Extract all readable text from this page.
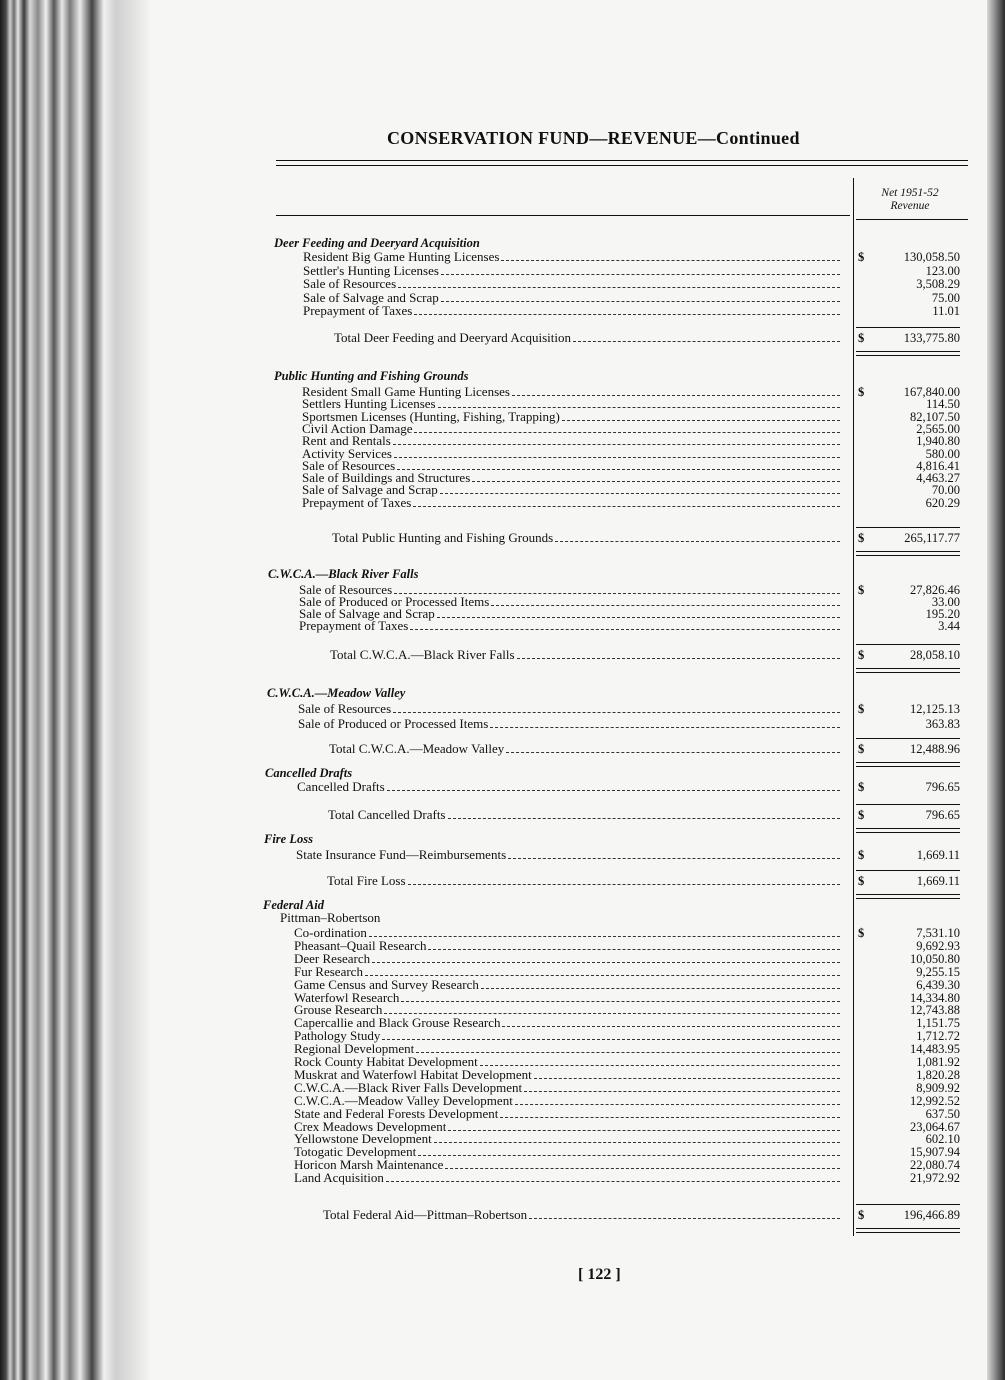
CONSERVATION FUND—REVENUE—Continued
Net 1951-52
Revenue
Deer Feeding and Deeryard Acquisition
Resident Big Game Hunting Licenses	130,058.50
$
Settler's Hunting Licenses	123.00
Sale of Resources	3,508.29
Sale of Salvage and Scrap	75.00
Prepayment of Taxes	11.01
Total Deer Feeding and Deeryard Acquisition	133,775.80
$
Public Hunting and Fishing Grounds
Resident Small Game Hunting Licenses	167,840.00
$
Settlers Hunting Licenses	114.50
Sportsmen Licenses (Hunting, Fishing, Trapping)	82,107.50
Civil Action Damage	2,565.00
Rent and Rentals	1,940.80
Activity Services	580.00
Sale of Resources	4,816.41
Sale of Buildings and Structures	4,463.27
Sale of Salvage and Scrap	70.00
Prepayment of Taxes	620.29
Total Public Hunting and Fishing Grounds	265,117.77
$
C.W.C.A.—Black River Falls
Sale of Resources	27,826.46
$
Sale of Produced or Processed Items	33.00
Sale of Salvage and Scrap	195.20
Prepayment of Taxes	3.44
Total C.W.C.A.—Black River Falls	28,058.10
$
C.W.C.A.—Meadow Valley
Sale of Resources	12,125.13
$
Sale of Produced or Processed Items	363.83
Total C.W.C.A.—Meadow Valley	12,488.96
$
Cancelled Drafts
Cancelled Drafts	796.65
$
Total Cancelled Drafts	796.65
$
Fire Loss
State Insurance Fund—Reimbursements	1,669.11
$
Total Fire Loss	1,669.11
$
Federal Aid
Pittman–Robertson
Co-ordination	7,531.10
$
Pheasant–Quail Research	9,692.93
Deer Research	10,050.80
Fur Research	9,255.15
Game Census and Survey Research	6,439.30
Waterfowl Research	14,334.80
Grouse Research	12,743.88
Capercallie and Black Grouse Research	1,151.75
Pathology Study	1,712.72
Regional Development	14,483.95
Rock County Habitat Development	1,081.92
Muskrat and Waterfowl Habitat Development	1,820.28
C.W.C.A.—Black River Falls Development	8,909.92
C.W.C.A.—Meadow Valley Development	12,992.52
State and Federal Forests Development	637.50
Crex Meadows Development	23,064.67
Yellowstone Development	602.10
Totogatic Development	15,907.94
Horicon Marsh Maintenance	22,080.74
Land Acquisition	21,972.92
Total Federal Aid—Pittman–Robertson	196,466.89
$
[ 122 ]
